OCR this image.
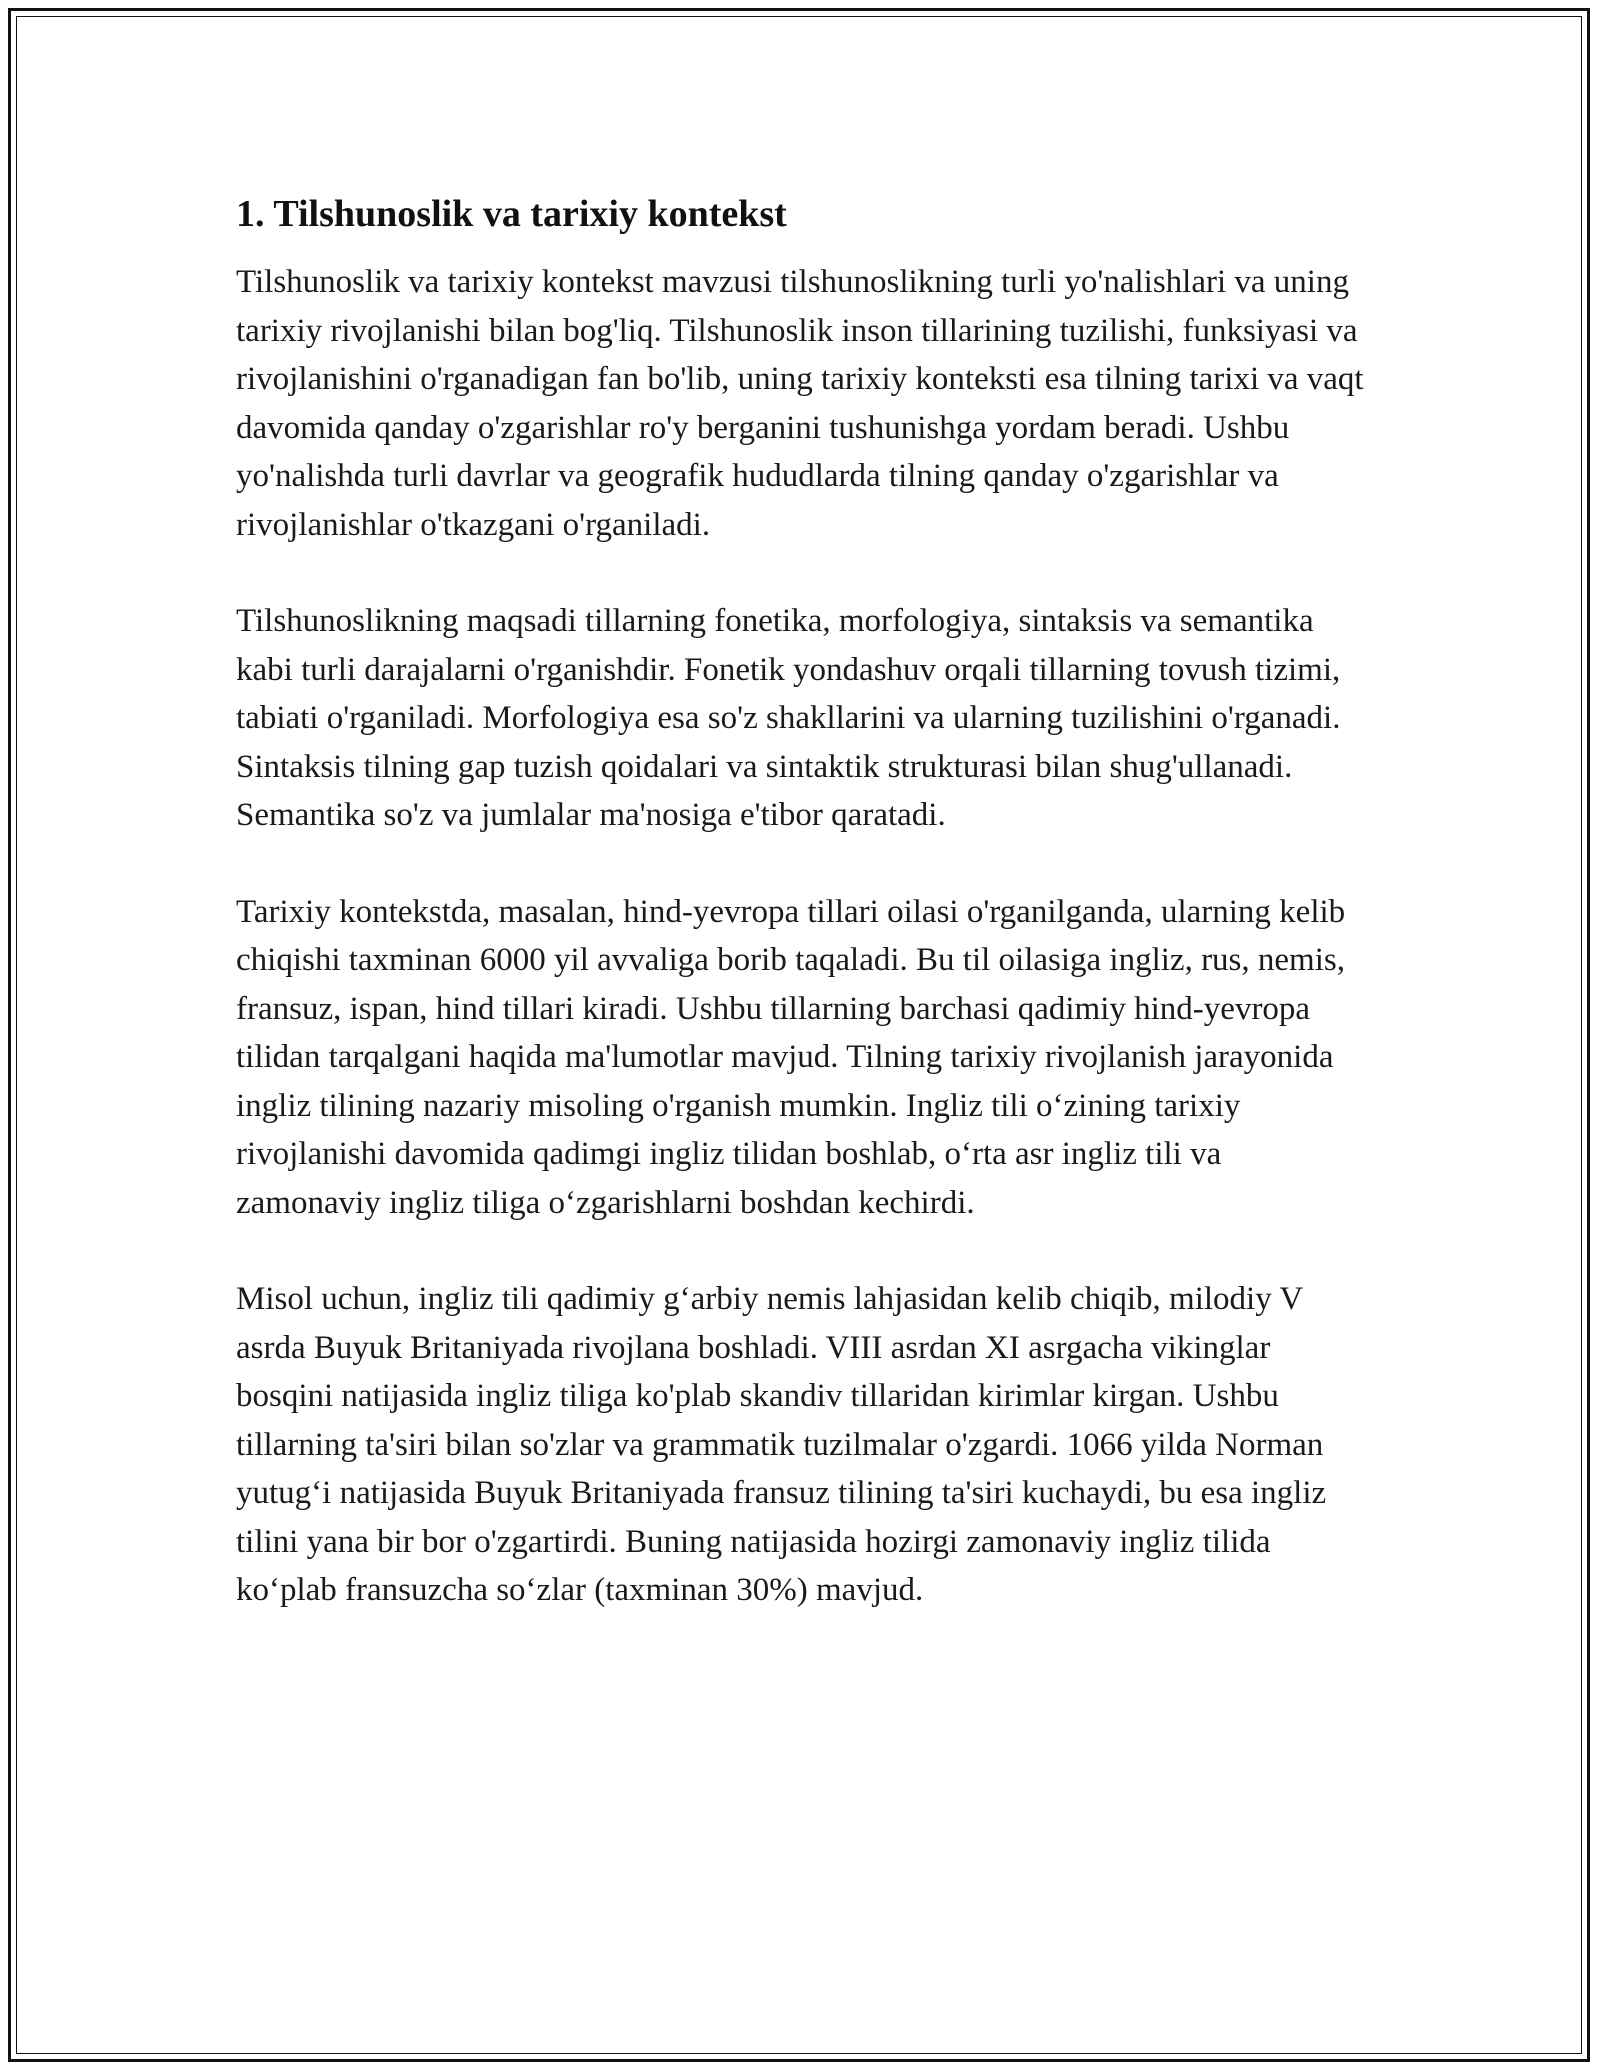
1. Tilshunoslik va tarixiy kontekst

Tilshunoslik va tarixiy kontekst mavzusi tilshunoslikning turli yo'nalishlari va uning tarixiy rivojlanishi bilan bog'liq. Tilshunoslik inson tillarining tuzilishi, funksiyasi va rivojlanishini o'rganadigan fan bo'lib, uning tarixiy konteksti esa tilning tarixi va vaqt davomida qanday o'zgarishlar ro'y berganini tushunishga yordam beradi. Ushbu yo'nalishda turli davrlar va geografik hududlarda tilning qanday o'zgarishlar va rivojlanishlar o'tkazgani o'rganiladi.

Tilshunoslikning maqsadi tillarning fonetika, morfologiya, sintaksis va semantika kabi turli darajalarni o'rganishdir. Fonetik yondashuv orqali tillarning tovush tizimi, tabiati o'rganiladi. Morfologiya esa so'z shakllarini va ularning tuzilishini o'rganadi. Sintaksis tilning gap tuzish qoidalari va sintaktik strukturasi bilan shug'ullanadi. Semantika so'z va jumlalar ma'nosiga e'tibor qaratadi.

Tarixiy kontekstda, masalan, hind-yevropa tillari oilasi o'rganilganda, ularning kelib chiqishi taxminan 6000 yil avvaliga borib taqaladi. Bu til oilasiga ingliz, rus, nemis, fransuz, ispan, hind tillari kiradi. Ushbu tillarning barchasi qadimiy hind-yevropa tilidan tarqalgani haqida ma'lumotlar mavjud. Tilning tarixiy rivojlanish jarayonida ingliz tilining nazariy misoling o'rganish mumkin. Ingliz tili o‘zining tarixiy rivojlanishi davomida qadimgi ingliz tilidan boshlab, o‘rta asr ingliz tili va zamonaviy ingliz tiliga o‘zgarishlarni boshdan kechirdi.

Misol uchun, ingliz tili qadimiy g‘arbiy nemis lahjasidan kelib chiqib, milodiy V asrda Buyuk Britaniyada rivojlana boshladi. VIII asrdan XI asrgacha vikinglar bosqini natijasida ingliz tiliga ko'plab skandiv tillaridan kirimlar kirgan. Ushbu tillarning ta'siri bilan so'zlar va grammatik tuzilmalar o'zgardi. 1066 yilda Norman yutug‘i natijasida Buyuk Britaniyada fransuz tilining ta'siri kuchaydi, bu esa ingliz tilini yana bir bor o'zgartirdi. Buning natijasida hozirgi zamonaviy ingliz tilida ko‘plab fransuzcha so‘zlar (taxminan 30%) mavjud.
